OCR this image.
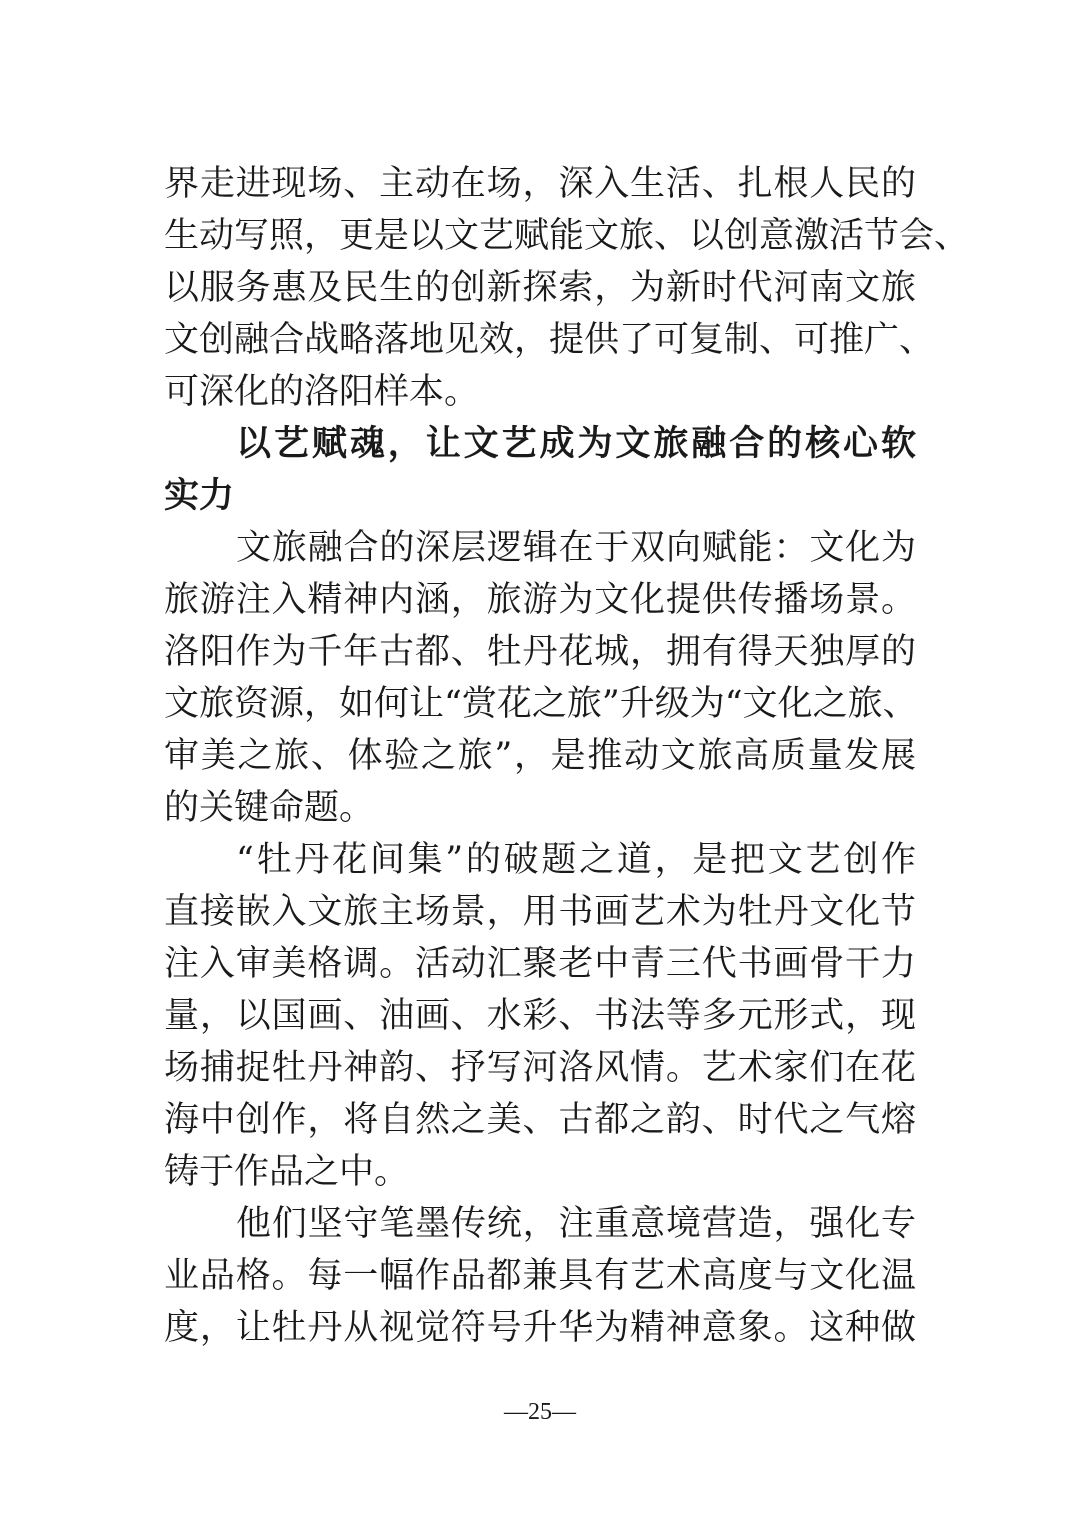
界走进现场、主动在场，深入生活、扎根人民的
生动写照，更是以文艺赋能文旅、以创意激活节会、
以服务惠及民生的创新探索，为新时代河南文旅
文创融合战略落地见效，提供了可复制、可推广、
可深化的洛阳样本。
以艺赋魂，让文艺成为文旅融合的核心软
实力
文旅融合的深层逻辑在于双向赋能：文化为
旅游注入精神内涵，旅游为文化提供传播场景。
洛阳作为千年古都、牡丹花城，拥有得天独厚的
文旅资源，如何让“赏花之旅”升级为“文化之旅、
审美之旅、体验之旅”，是推动文旅高质量发展
的关键命题。
“牡丹花间集”的破题之道，是把文艺创作
直接嵌入文旅主场景，用书画艺术为牡丹文化节
注入审美格调。活动汇聚老中青三代书画骨干力
量，以国画、油画、水彩、书法等多元形式，现
场捕捉牡丹神韵、抒写河洛风情。艺术家们在花
海中创作，将自然之美、古都之韵、时代之气熔
铸于作品之中。
他们坚守笔墨传统，注重意境营造，强化专
业品格。每一幅作品都兼具有艺术高度与文化温
度，让牡丹从视觉符号升华为精神意象。这种做
—25—
